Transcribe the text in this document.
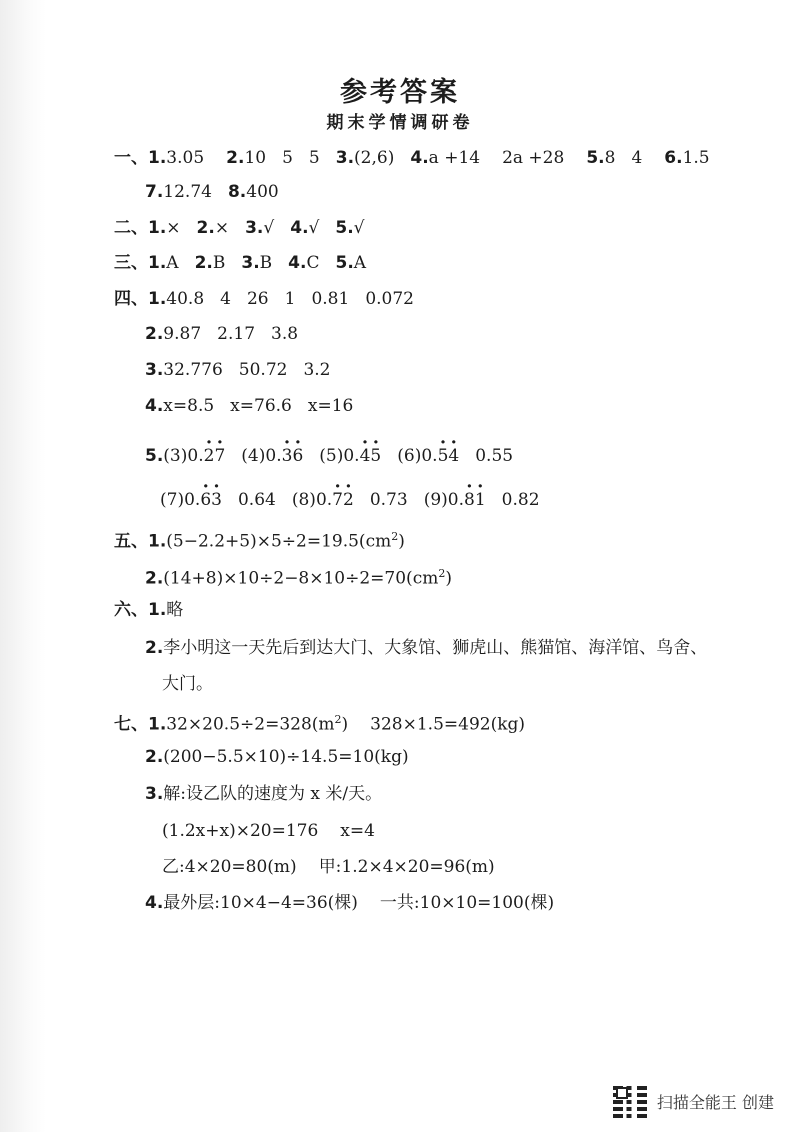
参考答案
期末学情调研卷
一、1.3.05 2.10 5 5 3.(2,6) 4.a +14 2a +28 5.8 4 6.1.5
7.12.74 8.400
二、1.× 2.× 3.√ 4.√ 5.√
三、1.A 2.B 3.B 4.C 5.A
四、1.40.8 4 26 1 0.81 0.072
2.9.87 2.17 3.8
3.32.776 50.72 3.2
4.x=8.5 x=76.6 x=16
5.(3)0.· 2· 7 (4)0.· 3· 6 (5)0.· 4· 5 (6)0.· 5· 4 0.55
(7)0.· 6· 3 0.64 (8)0.· 7· 2 0.73 (9)0.· 8· 1 0.82
五、$1.(5-2.2+5)\times 5\div 2=19.5(cm^2)$
$2.(14+8)\times 10\div 2-8\times 10\div 2=70(cm^2)$
六、1.略
2.李小明这一天先后到达大门、大象馆、狮虎山、熊猫馆、海洋馆、鸟舍、
大门。
七、$1.32\times 20.5\div 2=328(m^2)$ 328×1.5=492(kg)
2.(200−5.5×10)÷14.5=10(kg)
3.解:设乙队的速度为 x 米/天。
(1.2x+x)×20=176 x=4
乙:4×20=80(m) 甲:1.2×4×20=96(m)
4.最外层:10×4−4=36(棵) 一共:10×10=100(棵)
扫描全能王 创建
